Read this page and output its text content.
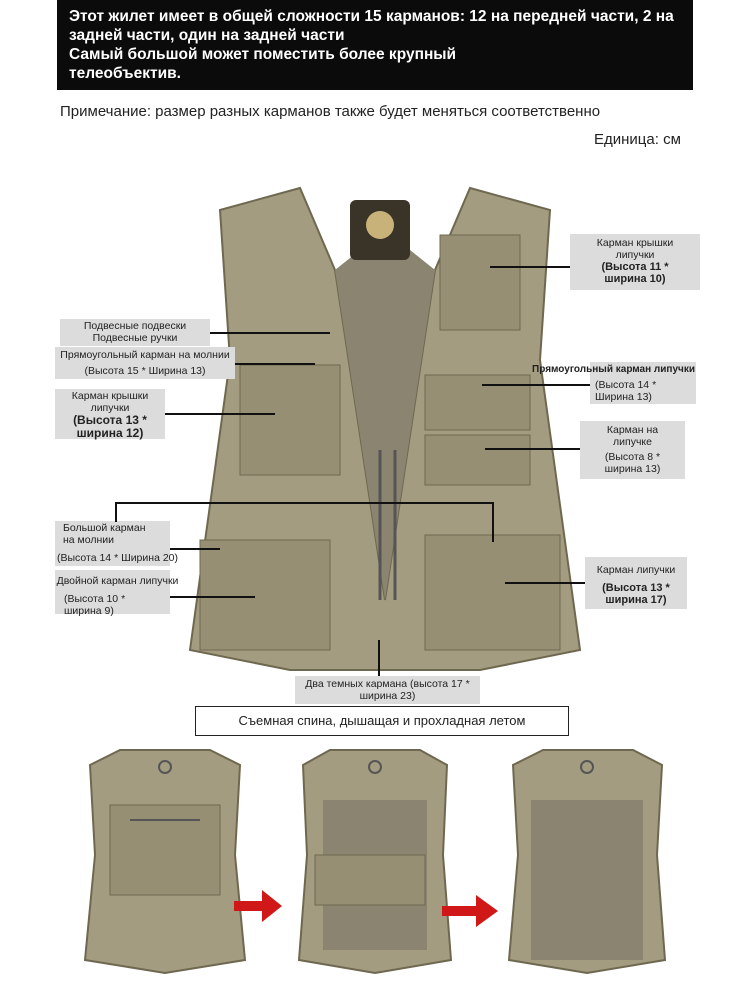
Этот жилет имеет в общей сложности 15 карманов: 12 на передней части, 2 на
задней части, один на задней части
Самый большой может поместить более крупный
телеобъектив.
Примечание: размер разных карманов также будет меняться соответственно
Единица: см
Подвесные подвески
Подвесные ручки
Прямоугольный карман на молнии
(Высота 15 * Ширина 13)
Карман крышки
липучки
(Высота 13 *
ширина 12)
Большой карман
на молнии
(Высота 14 * Ширина 20)
Двойной карман липучки
(Высота 10 *
ширина 9)
Два темных кармана (высота 17 *
ширина 23)
Карман крышки
липучки
(Высота 11 *
ширина 10)
Прямоугольный карман липучки
(Высота 14 *
Ширина 13)
Карман на
липучке
(Высота 8 *
ширина 13)
Карман липучки
(Высота 13 *
ширина 17)
Съемная спина, дышащая и прохладная летом
